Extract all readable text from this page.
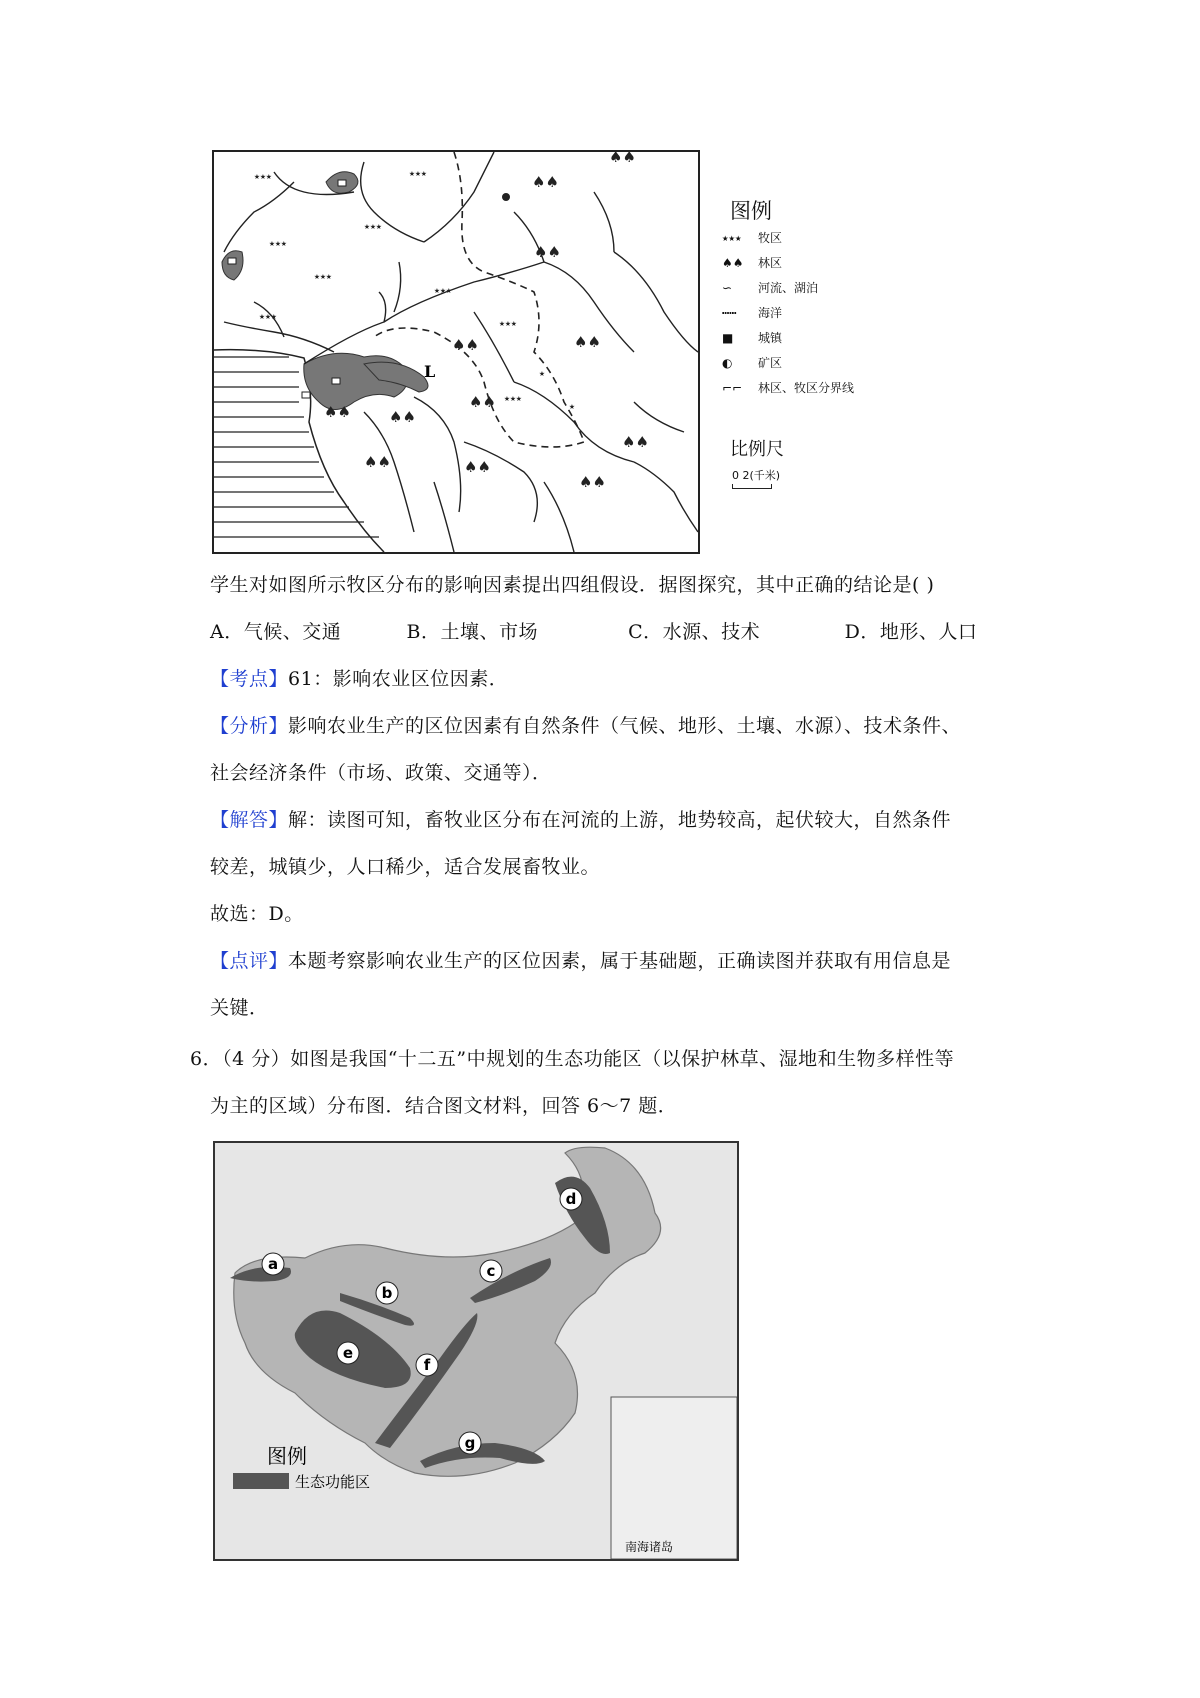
⭑⭑⭑	⭑⭑⭑
⭑⭑⭑
⭑⭑⭑
⭑⭑⭑
⭑⭑⭑
⭑⭑⭑
⭑⭑⭑
⭑⭑⭑
⭑
⭑
♠♠
♠♠
♠♠
♠♠	♠♠
♠♠	♠♠
♠♠
♠♠	♠♠
♠♠
♠♠
L
图例
⭑⭑⭑ 牧区
♠♠ 林区
∽ 河流、湖泊
┅┅ 海洋
■ 城镇
◐ 矿区
⌐⌐ 林区、牧区分界线
比例尺
0 2(千米)
学生对如图所示牧区分布的影响因素提出四组假设．据图探究，其中正确的结论是( )
A．气候、交通	B．土壤、市场	C．水源、技术	D．地形、人口
【考点】61：影响农业区位因素．
【分析】影响农业生产的区位因素有自然条件（气候、地形、土壤、水源）、技术条件、
社会经济条件（市场、政策、交通等）．
【解答】解：读图可知，畜牧业区分布在河流的上游，地势较高，起伏较大，自然条件
较差，城镇少，人口稀少，适合发展畜牧业。
故选：D。
【点评】本题考察影响农业生产的区位因素，属于基础题，正确读图并获取有用信息是
关键．
6．（4 分）如图是我国“十二五”中规划的生态功能区（以保护林草、湿地和生物多样性等
为主的区域）分布图．结合图文材料，回答 6～7 题．
a
b
c
d
e
f
g
图例
生态功能区
南海诸岛
